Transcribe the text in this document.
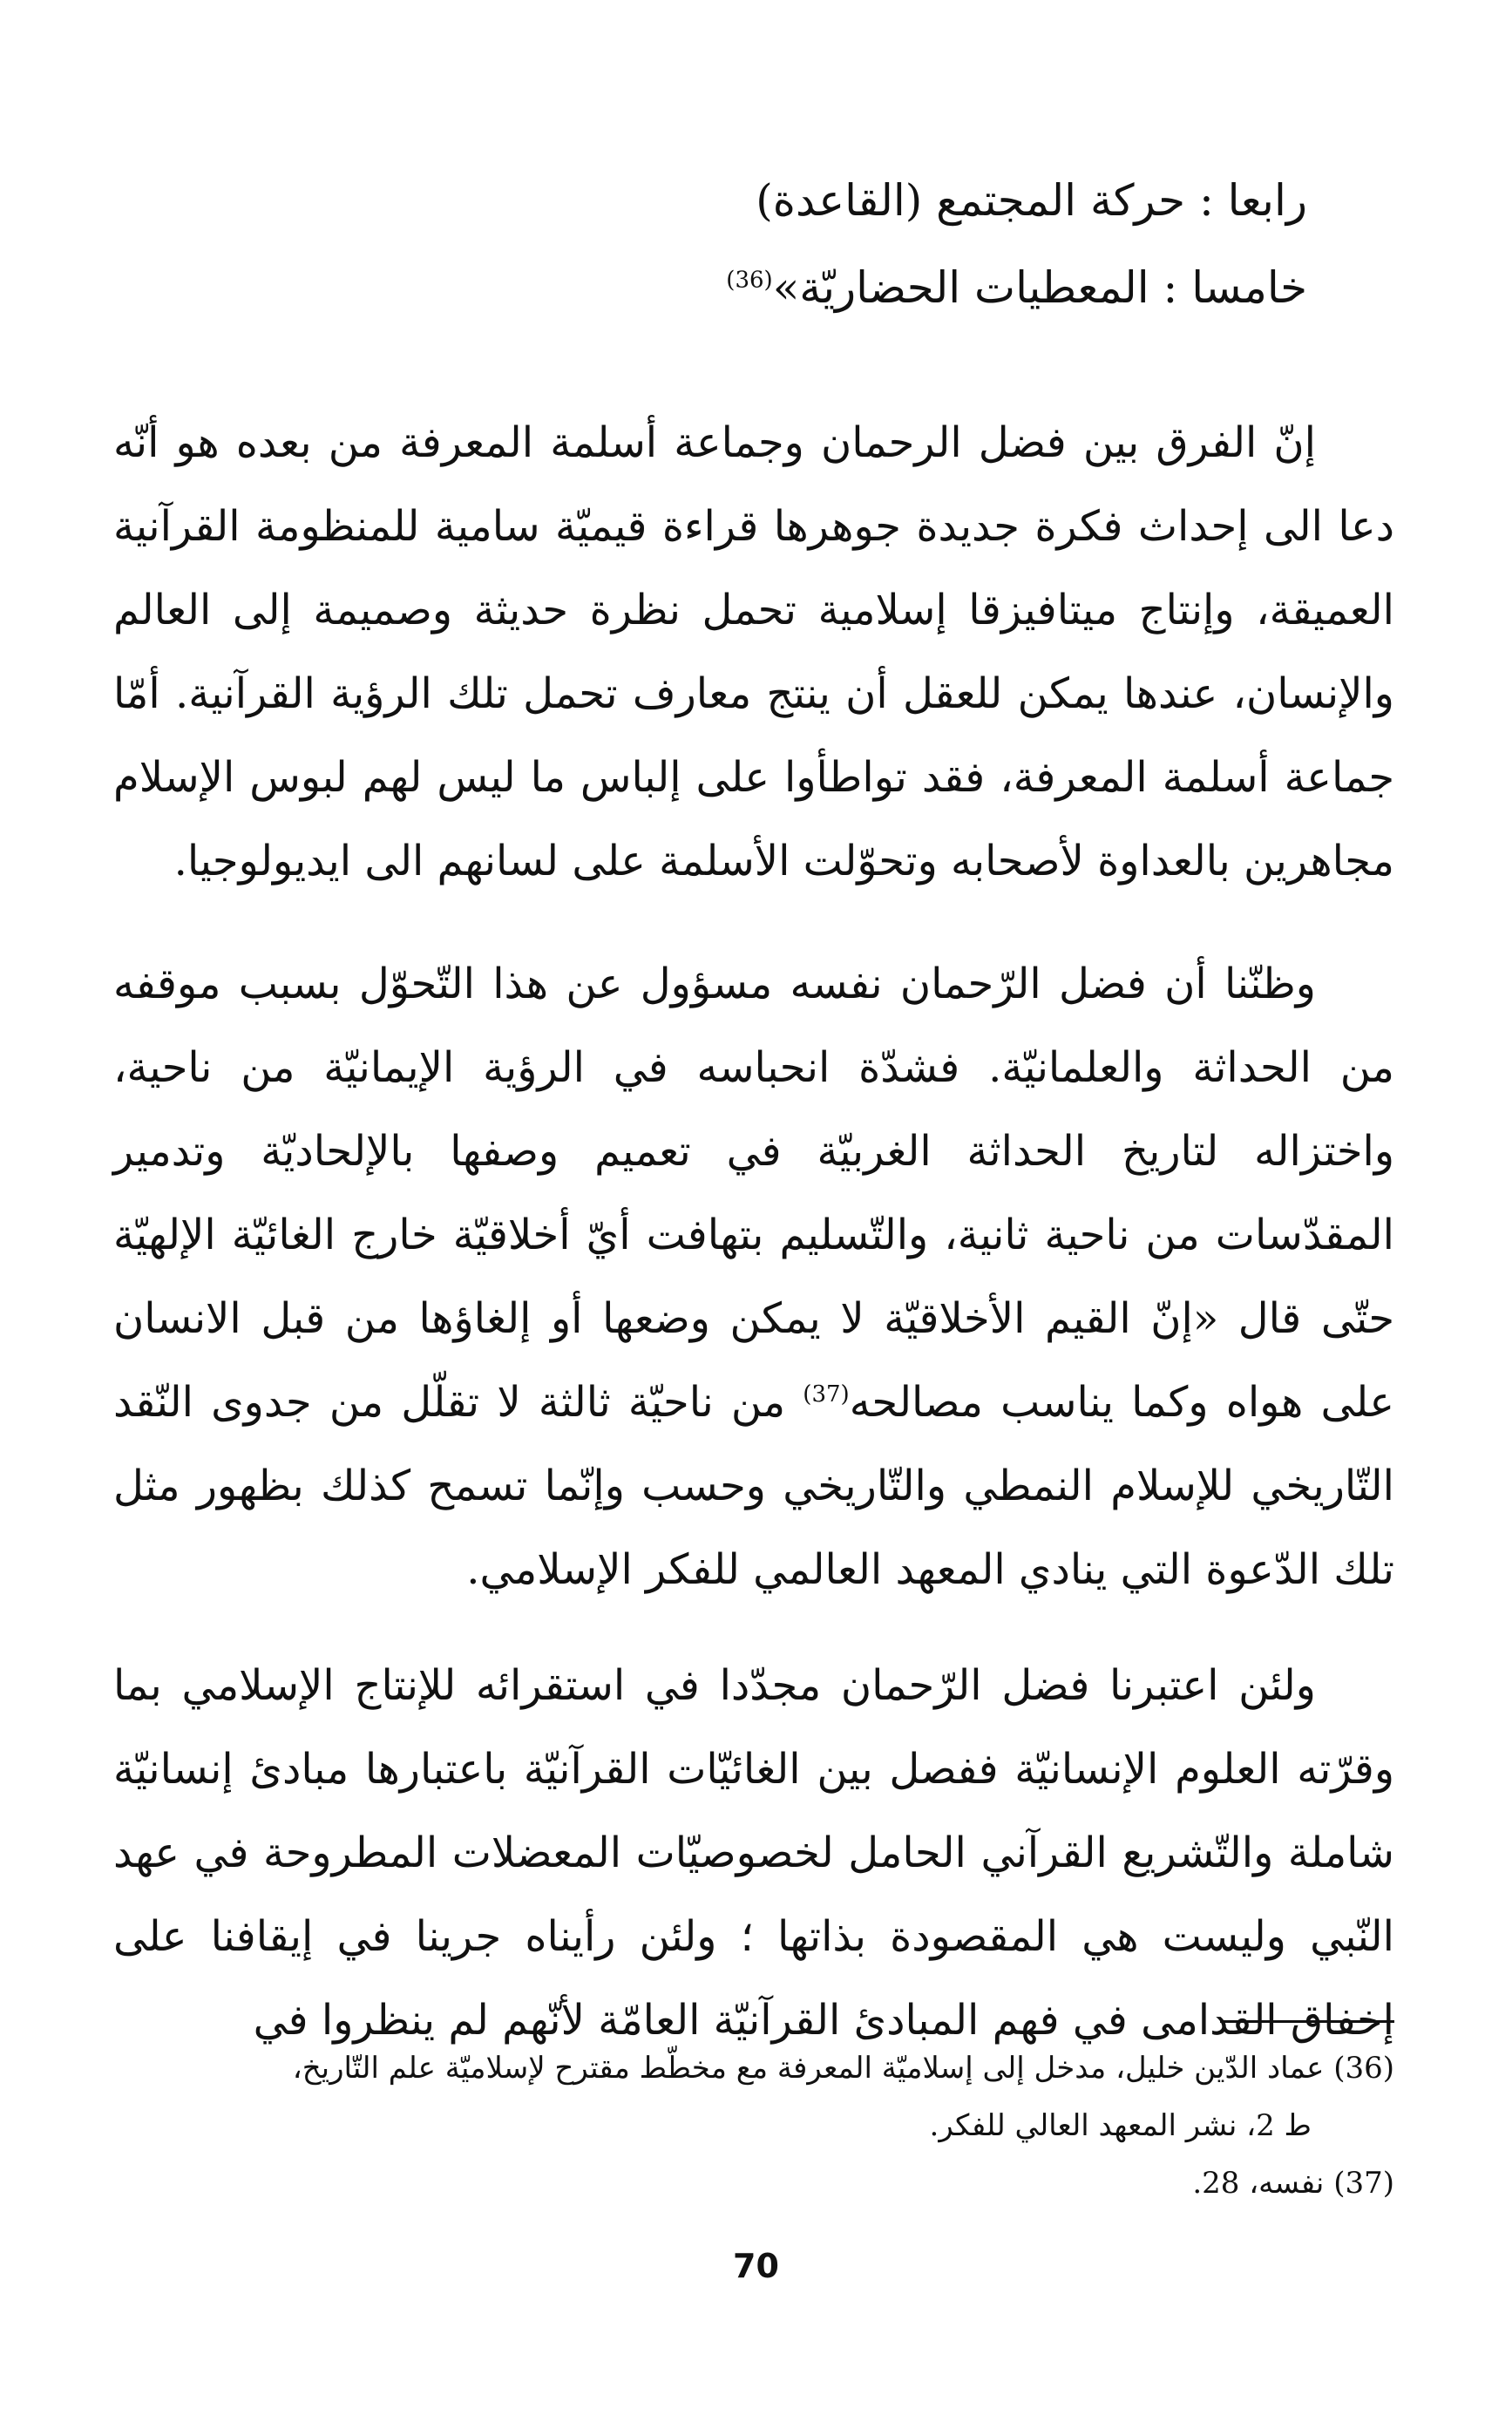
رابعا : حركة المجتمع (القاعدة)
خامسا : المعطيات الحضاريّة»$^{(36)}$

إنّ الفرق بين فضل الرحمان وجماعة أسلمة المعرفة من بعده هو أنّه دعا الى إحداث فكرة جديدة جوهرها قراءة قيميّة سامية للمنظومة القرآنية العميقة، وإنتاج ميتافيزقا إسلامية تحمل نظرة حديثة وصميمة إلى العالم والإنسان، عندها يمكن للعقل أن ينتج معارف تحمل تلك الرؤية القرآنية. أمّا جماعة أسلمة المعرفة، فقد تواطأوا على إلباس ما ليس لهم لبوس الإسلام مجاهرين بالعداوة لأصحابه وتحوّلت الأسلمة على لسانهم الى ايديولوجيا.

وظنّنا أن فضل الرّحمان نفسه مسؤول عن هذا التّحوّل بسبب موقفه من الحداثة والعلمانيّة. فشدّة انحباسه في الرؤية الإيمانيّة من ناحية، واختزاله لتاريخ الحداثة الغربيّة في تعميم وصفها بالإلحاديّة وتدمير المقدّسات من ناحية ثانية، والتّسليم بتهافت أيّ أخلاقيّة خارج الغائيّة الإلهيّة حتّى قال «إنّ القيم الأخلاقيّة لا يمكن وضعها أو إلغاؤها من قبل الانسان على هواه وكما يناسب مصالحه$^{(37)}$ من ناحيّة ثالثة لا تقلّل من جدوى النّقد التّاريخي للإسلام النمطي والتّاريخي وحسب وإنّما تسمح كذلك بظهور مثل تلك الدّعوة التي ينادي المعهد العالمي للفكر الإسلامي.

ولئن اعتبرنا فضل الرّحمان مجدّدا في استقرائه للإنتاج الإسلامي بما وقرّته العلوم الإنسانيّة ففصل بين الغائيّات القرآنيّة باعتبارها مبادئ إنسانيّة شاملة والتّشريع القرآني الحامل لخصوصيّات المعضلات المطروحة في عهد النّبي وليست هي المقصودة بذاتها ؛ ولئن رأيناه جرينا في إيقافنا على إخفاق القدامى في فهم المبادئ القرآنيّة العامّة لأنّهم لم ينظروا في

(36) عماد الدّين خليل، مدخل إلى إسلاميّة المعرفة مع مخطّط مقترح لإسلاميّة علم التّاريخ،
ط 2، نشر المعهد العالي للفكر.
(37) نفسه، 28.
70
